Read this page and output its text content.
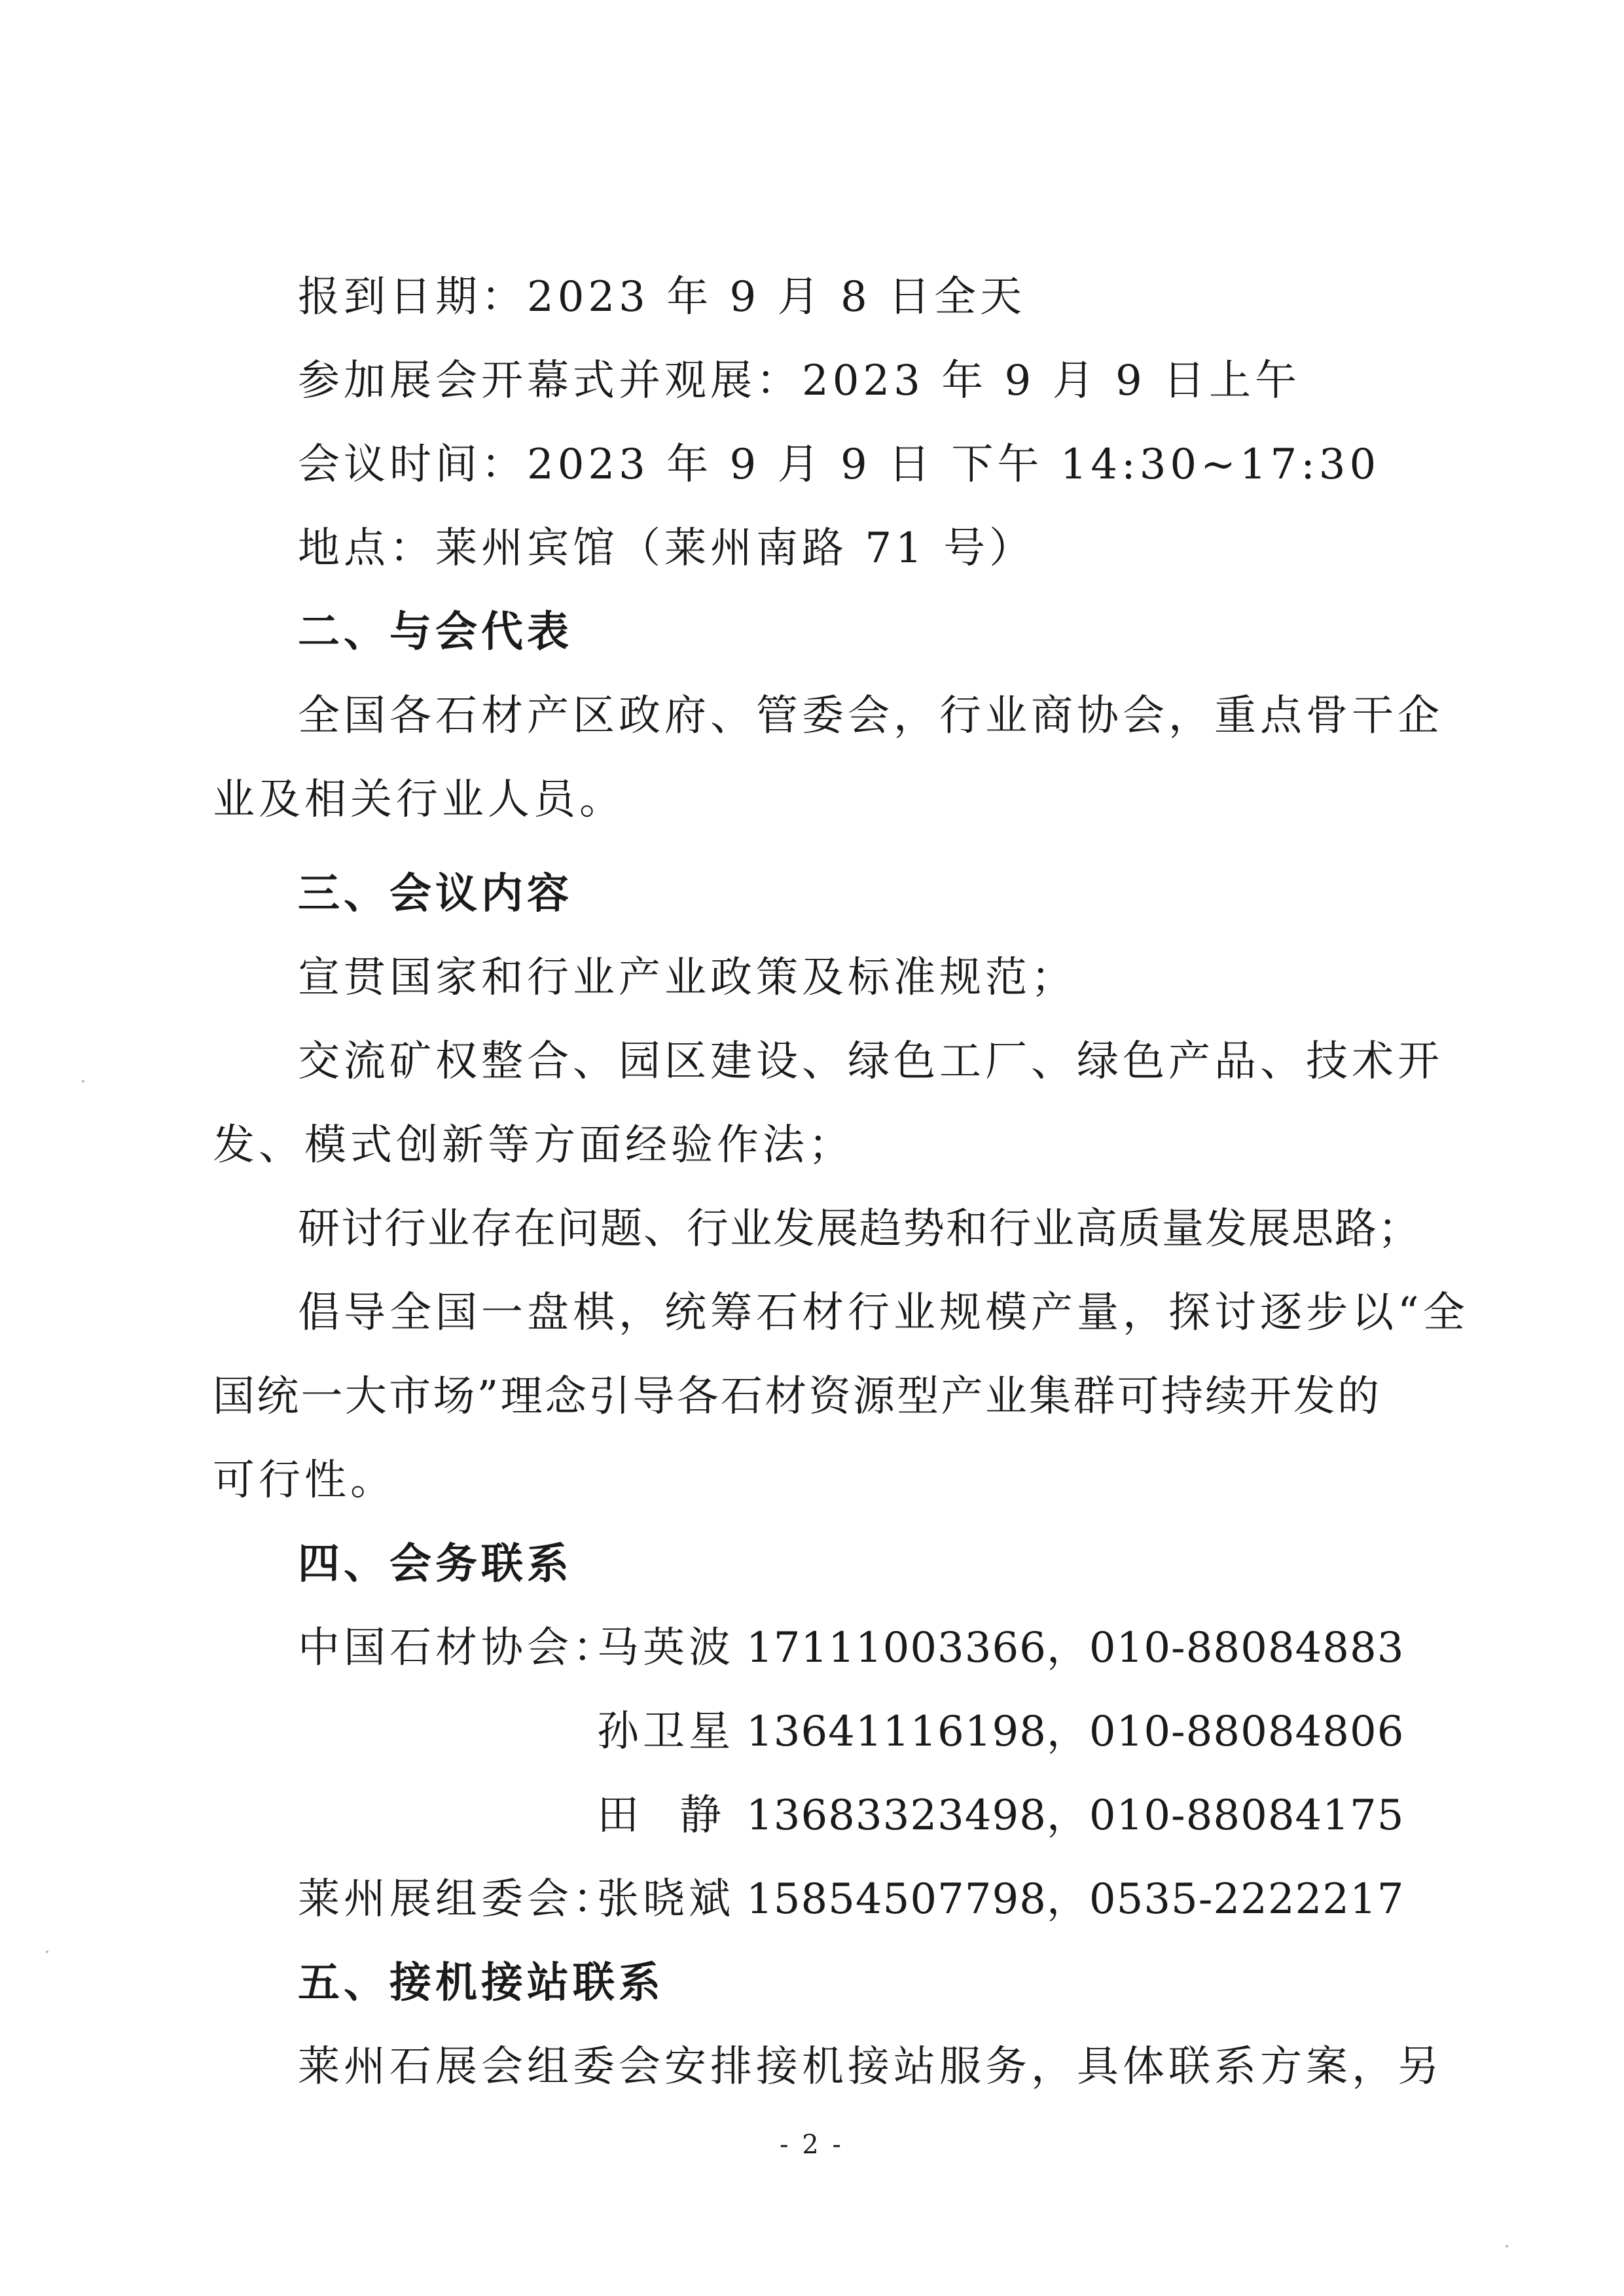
报到日期：2023 年 9 月 8 日全天
参加展会开幕式并观展：2023 年 9 月 9 日上午
会议时间：2023 年 9 月 9 日 下午 14:30~17:30
地点：莱州宾馆（莱州南路 71 号）
二、与会代表
全国各石材产区政府、管委会，行业商协会，重点骨干企
业及相关行业人员。
三、会议内容
宣贯国家和行业产业政策及标准规范；
交流矿权整合、园区建设、绿色工厂、绿色产品、技术开
发、模式创新等方面经验作法；
研讨行业存在问题、行业发展趋势和行业高质量发展思路；
倡导全国一盘棋，统筹石材行业规模产量，探讨逐步以“全
国统一大市场”理念引导各石材资源型产业集群可持续开发的
可行性。
四、会务联系
中国石材协会：
马英波 17111003366，010-88084883
孙卫星 13641116198，010-88084806
田 静 13683323498，010-88084175
莱州展组委会：
张晓斌 15854507798，0535-2222217
五、接机接站联系
莱州石展会组委会安排接机接站服务，具体联系方案，另
- 2 -
